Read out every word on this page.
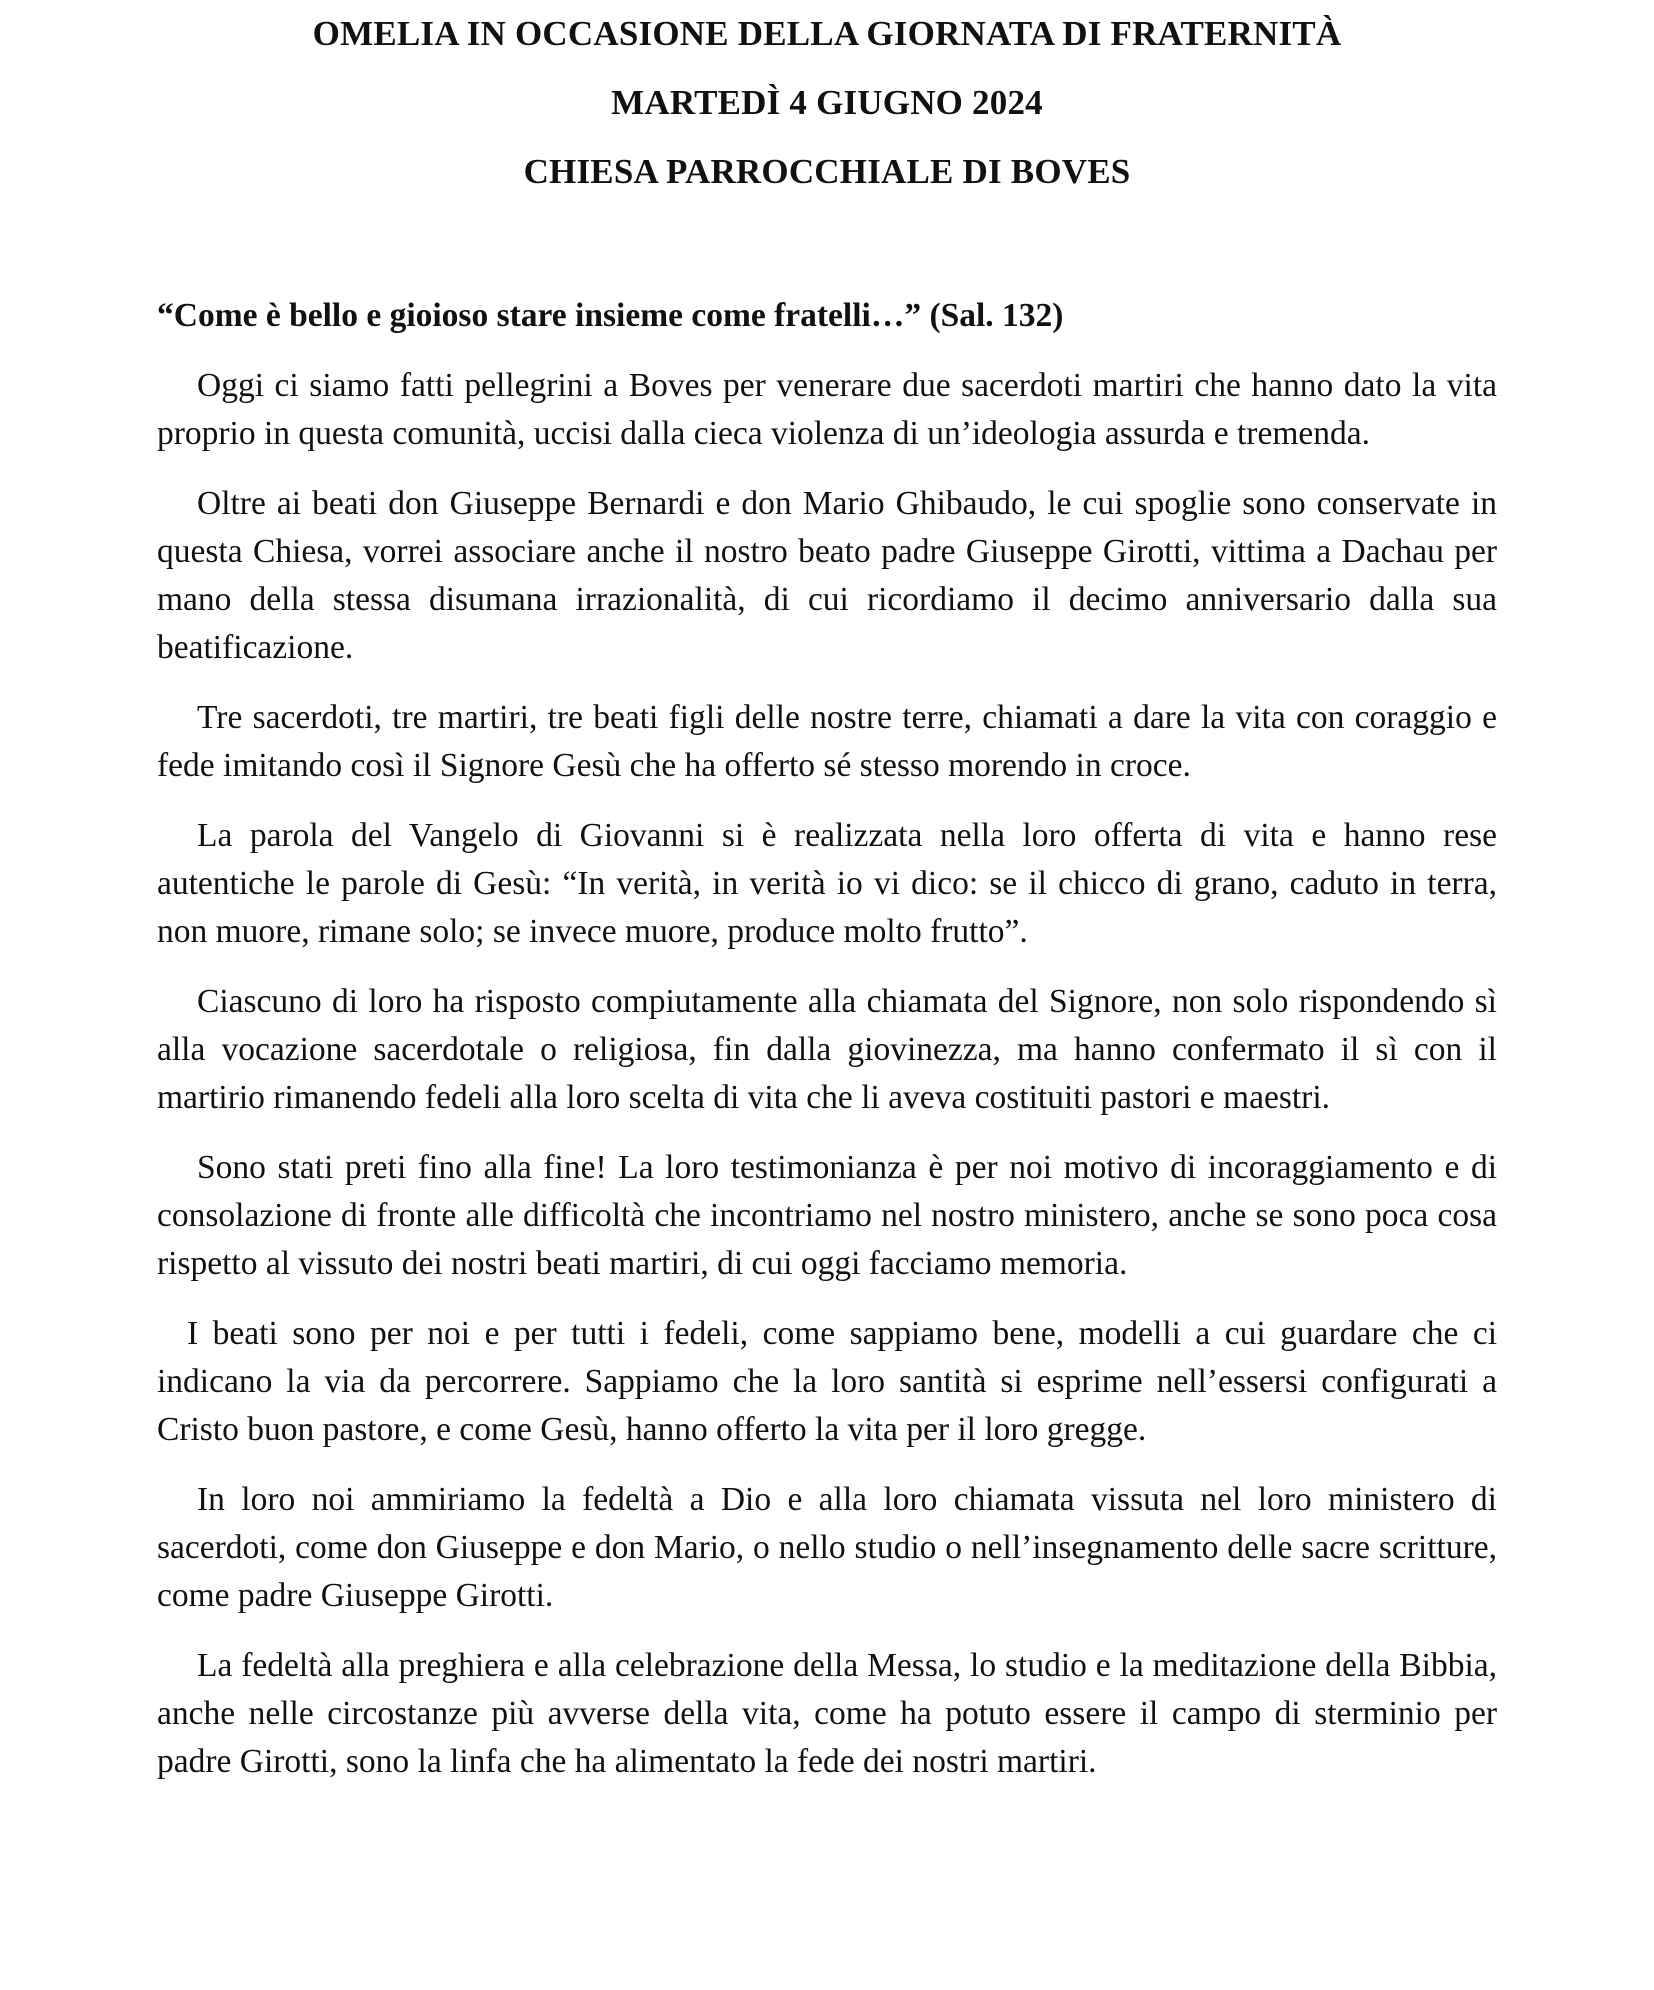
OMELIA IN OCCASIONE DELLA GIORNATA DI FRATERNITÀ
MARTEDÌ 4 GIUGNO 2024
CHIESA PARROCCHIALE DI BOVES

“Come è bello e gioioso stare insieme come fratelli…” (Sal. 132)

Oggi ci siamo fatti pellegrini a Boves per venerare due sacerdoti martiri che hanno dato la vita proprio in questa comunità, uccisi dalla cieca violenza di un’ideologia assurda e tremenda.

Oltre ai beati don Giuseppe Bernardi e don Mario Ghibaudo, le cui spoglie sono conservate in questa Chiesa, vorrei associare anche il nostro beato padre Giuseppe Girotti, vittima a Dachau per mano della stessa disumana irrazionalità, di cui ricordiamo il decimo anniversario dalla sua beatificazione.

Tre sacerdoti, tre martiri, tre beati figli delle nostre terre, chiamati a dare la vita con coraggio e fede imitando così il Signore Gesù che ha offerto sé stesso morendo in croce.

La parola del Vangelo di Giovanni si è realizzata nella loro offerta di vita e hanno rese autentiche le parole di Gesù: “In verità, in verità io vi dico: se il chicco di grano, caduto in terra, non muore, rimane solo; se invece muore, produce molto frutto”.

Ciascuno di loro ha risposto compiutamente alla chiamata del Signore, non solo rispondendo sì alla vocazione sacerdotale o religiosa, fin dalla giovinezza, ma hanno confermato il sì con il martirio rimanendo fedeli alla loro scelta di vita che li aveva costituiti pastori e maestri.

Sono stati preti fino alla fine! La loro testimonianza è per noi motivo di incoraggiamento e di consolazione di fronte alle difficoltà che incontriamo nel nostro ministero, anche se sono poca cosa rispetto al vissuto dei nostri beati martiri, di cui oggi facciamo memoria.

I beati sono per noi e per tutti i fedeli, come sappiamo bene, modelli a cui guardare che ci indicano la via da percorrere. Sappiamo che la loro santità si esprime nell’essersi configurati a Cristo buon pastore, e come Gesù, hanno offerto la vita per il loro gregge.

In loro noi ammiriamo la fedeltà a Dio e alla loro chiamata vissuta nel loro ministero di sacerdoti, come don Giuseppe e don Mario, o nello studio o nell’insegnamento delle sacre scritture, come padre Giuseppe Girotti.

La fedeltà alla preghiera e alla celebrazione della Messa, lo studio e la meditazione della Bibbia, anche nelle circostanze più avverse della vita, come ha potuto essere il campo di sterminio per padre Girotti, sono la linfa che ha alimentato la fede dei nostri martiri.
